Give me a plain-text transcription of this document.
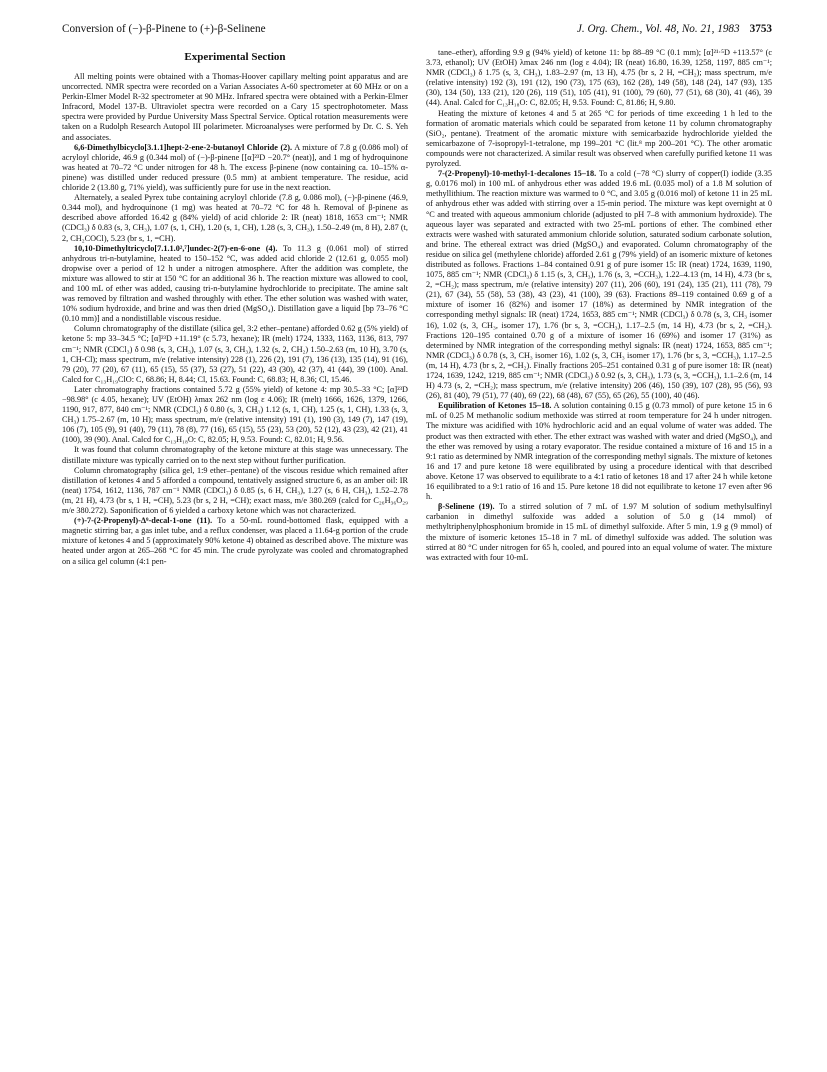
Conversion of (−)-β-Pinene to (+)-β-Selinene	J. Org. Chem., Vol. 48, No. 21, 1983 3753
Experimental Section

All melting points were obtained with a Thomas-Hoover capillary melting point apparatus and are uncorrected. NMR spectra were recorded on a Varian Associates A-60 spectrometer at 60 MHz or on a Perkin-Elmer Model R-32 spectrometer at 90 MHz. Infrared spectra were obtained with a Perkin-Elmer Infracord, Model 137-B. Ultraviolet spectra were recorded on a Cary 15 spectrophotometer. Mass spectra were provided by Purdue University Mass Spectral Service. Optical rotation measurements were taken on a Rudolph Research Autopol III polarimeter. Microanalyses were performed by Dr. C. S. Yeh and associates.

6,6-Dimethylbicyclo[3.1.1]hept-2-ene-2-butanoyl Chloride (2). A mixture of 7.8 g (0.086 mol) of acryloyl chloride, 46.9 g (0.344 mol) of (−)-β-pinene [[α]²³D −20.7° (neat)], and 1 mg of hydroquinone was heated at 70–72 °C under nitrogen for 48 h. The excess β-pinene (now containing ca. 10–15% α-pinene) was distilled under reduced pressure (0.5 mm) at ambient temperature. The residue, acid chloride 2 (13.80 g, 71% yield), was sufficiently pure for use in the next reaction.

Alternately, a sealed Pyrex tube containing acryloyl chloride (7.8 g, 0.086 mol), (−)-β-pinene (46.9, 0.344 mol), and hydroquinone (1 mg) was heated at 70–72 °C for 48 h. Removal of β-pinene as described above afforded 16.42 g (84% yield) of acid chloride 2: IR (neat) 1818, 1653 cm⁻¹; NMR (CDCl₃) δ 0.83 (s, 3, CH₃), 1.07 (s, 1, CH), 1.20 (s, 1, CH), 1.28 (s, 3, CH₃), 1.50–2.49 (m, 8 H), 2.87 (t, 2, CH₂COCl), 5.23 (br s, 1, =CH).

10,10-Dimethyltricyclo[7.1.1.0²,⁷]undec-2(7)-en-6-one (4). To 11.3 g (0.061 mol) of stirred anhydrous tri-n-butylamine, heated to 150–152 °C, was added acid chloride 2 (12.61 g, 0.055 mol) dropwise over a period of 12 h under a nitrogen atmosphere. After the addition was complete, the mixture was allowed to stir at 150 °C for an additional 36 h. The reaction mixture was allowed to cool, and 100 mL of ether was added, causing tri-n-butylamine hydrochloride to precipitate. The amine salt was removed by filtration and washed throughly with ether. The ether solution was washed with water, 10% sodium hydroxide, and brine and was then dried (MgSO₄). Distillation gave a liquid [bp 73–76 °C (0.10 mm)] and a nondistillable viscous residue.

Column chromatography of the distillate (silica gel, 3:2 ether–pentane) afforded 0.62 g (5% yield) of ketone 5: mp 33–34.5 °C; [α]²³D +11.19° (c 5.73, hexane); IR (melt) 1724, 1333, 1163, 1136, 813, 797 cm⁻¹; NMR (CDCl₃) δ 0.98 (s, 3, CH₃), 1.07 (s, 3, CH₃), 1.32 (s, 2, CH₂) 1.50–2.63 (m, 10 H), 3.70 (s, 1, CH-Cl); mass spectrum, m/e (relative intensity) 228 (1), 226 (2), 191 (7), 136 (13), 135 (14), 91 (16), 79 (20), 77 (20), 67 (11), 65 (15), 55 (37), 53 (27), 51 (22), 43 (30), 42 (37), 41 (44), 39 (100). Anal. Calcd for C₁₃H₁₉ClO: C, 68.86; H, 8.44; Cl, 15.63. Found: C, 68.83; H, 8.36; Cl, 15.46.

Later chromatography fractions contained 5.72 g (55% yield) of ketone 4: mp 30.5–33 °C; [α]²³D −98.98° (c 4.05, hexane); UV (EtOH) λmax 262 nm (log ε 4.06); IR (melt) 1666, 1626, 1379, 1266, 1190, 917, 877, 840 cm⁻¹; NMR (CDCl₃) δ 0.80 (s, 3, CH₃) 1.12 (s, 1, CH), 1.25 (s, 1, CH), 1.33 (s, 3, CH₃) 1.75–2.67 (m, 10 H); mass spectrum, m/e (relative intensity) 191 (1), 190 (3), 149 (7), 147 (19), 106 (7), 105 (9), 91 (40), 79 (11), 78 (8), 77 (16), 65 (15), 55 (23), 53 (20), 52 (12), 43 (23), 42 (21), 41 (100), 39 (90). Anal. Calcd for C₁₃H₁₈O: C, 82.05; H, 9.53. Found: C, 82.01; H, 9.56.

It was found that column chromatography of the ketone mixture at this stage was unnecessary. The distillate mixture was typically carried on to the next step without further purification.

Column chromatography (silica gel, 1:9 ether–pentane) of the viscous residue which remained after distillation of ketones 4 and 5 afforded a compound, tentatively assigned structure 6, as an amber oil: IR (neat) 1754, 1612, 1136, 787 cm⁻¹ NMR (CDCl₃) δ 0.85 (s, 6 H, CH₃), 1.27 (s, 6 H, CH₃), 1.52–2.78 (m, 21 H), 4.73 (br s, 1 H, =CH), 5.23 (br s, 2 H, =CH); exact mass, m/e 380.269 (calcd for C₂₆H₃₆O₂₉ m/e 380.272). Saponification of 6 yielded a carboxy ketone which was not characterized.

(+)-7-(2-Propenyl)-Δ⁹-decal-1-one (11). To a 50-mL round-bottomed flask, equipped with a magnetic stirring bar, a gas inlet tube, and a reflux condenser, was placed a 11.64-g portion of the crude mixture of ketones 4 and 5 (approximately 90% ketone 4) obtained as described above. The mixture was heated under argon at 265–268 °C for 45 min. The crude pyrolyzate was cooled and chromatographed on a silica gel column (4:1 pen-

tane–ether), affording 9.9 g (94% yield) of ketone 11: bp 88–89 °C (0.1 mm); [α]²¹·⁵D +113.57° (c 3.73, ethanol); UV (EtOH) λmax 246 nm (log ε 4.04); IR (neat) 16.80, 16.39, 1258, 1197, 885 cm⁻¹; NMR (CDCl₃) δ 1.75 (s, 3, CH₃), 1.83–2.97 (m, 13 H), 4.75 (br s, 2 H, =CH₂); mass spectrum, m/e (relative intensity) 192 (3), 191 (12), 190 (73), 175 (63), 162 (28), 149 (58), 148 (24), 147 (93), 135 (30), 134 (50), 133 (21), 120 (26), 119 (51), 105 (41), 91 (100), 79 (60), 77 (51), 68 (30), 41 (46), 39 (44). Anal. Calcd for C₁₃H₁₈O: C, 82.05; H, 9.53. Found: C, 81.86; H, 9.80.

Heating the mixture of ketones 4 and 5 at 265 °C for periods of time exceeding 1 h led to the formation of aromatic materials which could be separated from ketone 11 by column chromatography (SiO₂, pentane). Treatment of the aromatic mixture with semicarbazide hydrochloride yielded the semicarbazone of 7-isopropyl-1-tetralone, mp 199–201 °C (lit.⁸ mp 200–201 °C). The other aromatic compounds were not characterized. A similar result was observed when carefully purified ketone 11 was pyrolyzed.

7-(2-Propenyl)-10-methyl-1-decalones 15–18. To a cold (−78 °C) slurry of copper(I) iodide (3.35 g, 0.0176 mol) in 100 mL of anhydrous ether was added 19.6 mL (0.035 mol) of a 1.8 M solution of methyllithium. The reaction mixture was warmed to 0 °C, and 3.05 g (0.016 mol) of ketone 11 in 25 mL of anhydrous ether was added with stirring over a 15-min period. The mixture was kept overnight at 0 °C and treated with aqueous ammonium chloride (adjusted to pH 7–8 with ammonium hydroxide). The aqueous layer was separated and extracted with two 25-mL portions of ether. The combined ether extracts were washed with saturated ammonium chloride solution, saturated sodium carbonate solution, and brine. The ethereal extract was dried (MgSO₄) and evaporated. Column chromatography of the residue on silica gel (methylene chloride) afforded 2.61 g (79% yield) of an isomeric mixture of ketones distributed as follows. Fractions 1–84 contained 0.91 g of pure isomer 15: IR (neat) 1724, 1639, 1190, 1075, 885 cm⁻¹; NMR (CDCl₃) δ 1.15 (s, 3, CH₃), 1.76 (s, 3, =CCH₃), 1.22–4.13 (m, 14 H), 4.73 (br s, 2, =CH₂); mass spectrum, m/e (relative intensity) 207 (11), 206 (60), 191 (24), 135 (21), 111 (78), 79 (21), 67 (34), 55 (58), 53 (38), 43 (23), 41 (100), 39 (63). Fractions 89–119 contained 0.69 g of a mixture of isomer 16 (82%) and isomer 17 (18%) as determined by NMR integration of the corresponding methyl signals: IR (neat) 1724, 1653, 885 cm⁻¹; NMR (CDCl₃) δ 0.78 (s, 3, CH₃ isomer 16), 1.02 (s, 3, CH₃, isomer 17), 1.76 (br s, 3, =CCH₃), 1.17–2.5 (m, 14 H), 4.73 (br s, 2, =CH₂). Fractions 120–195 contained 0.70 g of a mixture of isomer 16 (69%) and isomer 17 (31%) as determined by NMR integration of the corresponding methyl signals: IR (neat) 1724, 1653, 885 cm⁻¹; NMR (CDCl₃) δ 0.78 (s, 3, CH₃ isomer 16), 1.02 (s, 3, CH₃ isomer 17), 1.76 (br s, 3, =CCH₃), 1.17–2.5 (m, 14 H), 4.73 (br s, 2, =CH₂). Finally fractions 205–251 contained 0.31 g of pure isomer 18: IR (neat) 1724, 1639, 1242, 1219, 885 cm⁻¹; NMR (CDCl₃) δ 0.92 (s, 3, CH₃), 1.73 (s, 3, =CCH₃), 1.1–2.6 (m, 14 H) 4.73 (s, 2, =CH₂); mass spectrum, m/e (relative intensity) 206 (46), 150 (39), 107 (28), 95 (56), 93 (26), 81 (40), 79 (51), 77 (40), 69 (22), 68 (48), 67 (55), 65 (26), 55 (100), 40 (46).

Equilibration of Ketones 15–18. A solution containing 0.15 g (0.73 mmol) of pure ketone 15 in 6 mL of 0.25 M methanolic sodium methoxide was stirred at room temperature for 24 h under nitrogen. The mixture was acidified with 10% hydrochloric acid and an equal volume of water was added. The product was then extracted with ether. The ether extract was washed with water and dried (MgSO₄), and the ether was removed by using a rotary evaporator. The residue contained a mixture of 16 and 15 in a 9:1 ratio as determined by NMR integration of the corresponding methyl signals. The mixture of ketones 16 and 17 and pure ketone 18 were equilibrated by using a procedure identical with that described above. Ketone 17 was observed to equilibrate to a 4:1 ratio of ketones 18 and 17 after 24 h while ketone 16 equilibrated to a 9:1 ratio of 16 and 15. Pure ketone 18 did not equilibrate to ketone 17 even after 96 h.

β-Selinene (19). To a stirred solution of 7 mL of 1.97 M solution of sodium methylsulfinyl carbanion in dimethyl sulfoxide was added a solution of 5.0 g (14 mmol) of methyltriphenylphosphonium bromide in 15 mL of dimethyl sulfoxide. After 5 min, 1.9 g (9 mmol) of the mixture of isomeric ketones 15–18 in 7 mL of dimethyl sulfoxide was added. The solution was stirred at 80 °C under nitrogen for 65 h, cooled, and poured into an equal volume of water. The mixture was extracted with four 10-mL
